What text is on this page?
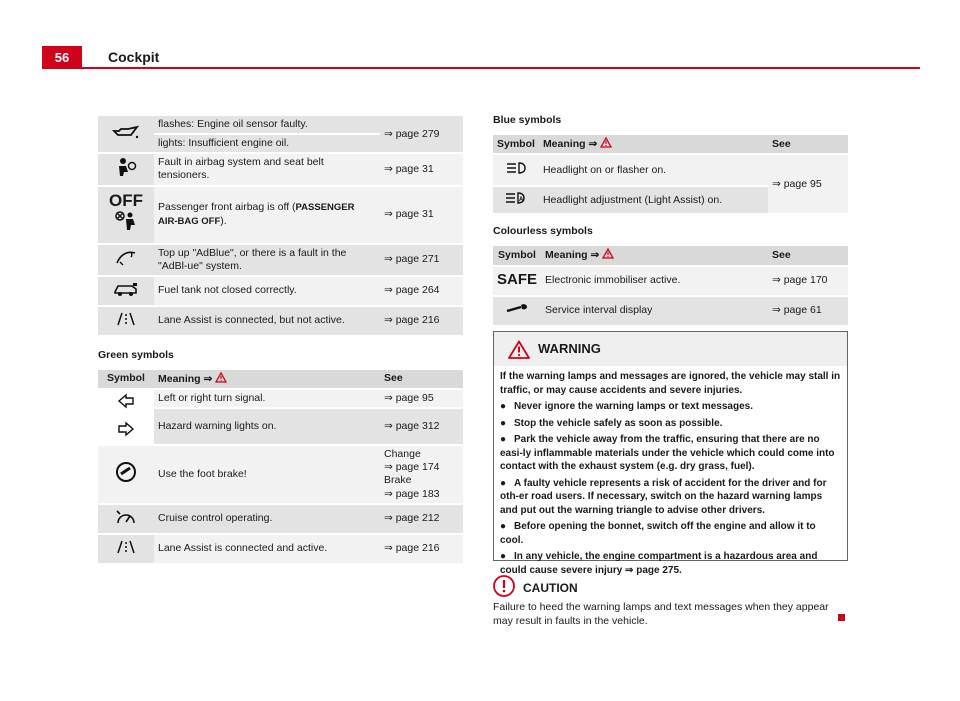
56	Cockpit
	flashes: Engine oil sensor faulty.	⇒ page 279
	lights: Insufficient engine oil.	
	Fault in airbag system and seat belt tensioners.	⇒ page 31

OFF	Passenger front airbag is off (PASSENGER AIR-BAG OFF).	⇒ page 31
	Top up "AdBlue", or there is a fault in the "AdBl-ue" system.	⇒ page 271
	Fuel tank not closed correctly.	⇒ page 264
	Lane Assist is connected, but not active.	⇒ page 216
Green symbols
Symbol	Meaning ⇒	See
	Left or right turn signal.	⇒ page 95
	Hazard warning lights on.	⇒ page 312
	Use the foot brake!	Change
⇒ page 174
Brake
⇒ page 183

	Cruise control operating.	⇒ page 212
	Lane Assist is connected and active.	⇒ page 216
Blue symbols
Symbol	Meaning ⇒	See
	Headlight on or flasher on.	⇒ page 95

A	Headlight adjustment (Light Assist) on.	
Colourless symbols
Symbol	Meaning ⇒	See
SAFE	Electronic immobiliser active.	⇒ page 170
	Service interval display	⇒ page 61
WARNING

If the warning lamps and messages are ignored, the vehicle may stall in traffic, or may cause accidents and severe injuries.

● Never ignore the warning lamps or text messages.

● Stop the vehicle safely as soon as possible.

● Park the vehicle away from the traffic, ensuring that there are no easi-ly inflammable materials under the vehicle which could come into contact with the exhaust system (e.g. dry grass, fuel).

● A faulty vehicle represents a risk of accident for the driver and for oth-er road users. If necessary, switch on the hazard warning lamps and put out the warning triangle to advise other drivers.

● Before opening the bonnet, switch off the engine and allow it to cool.

● In any vehicle, the engine compartment is a hazardous area and could cause severe injury ⇒ page 275.

CAUTION
Failure to heed the warning lamps and text messages when they appear may result in faults in the vehicle.
